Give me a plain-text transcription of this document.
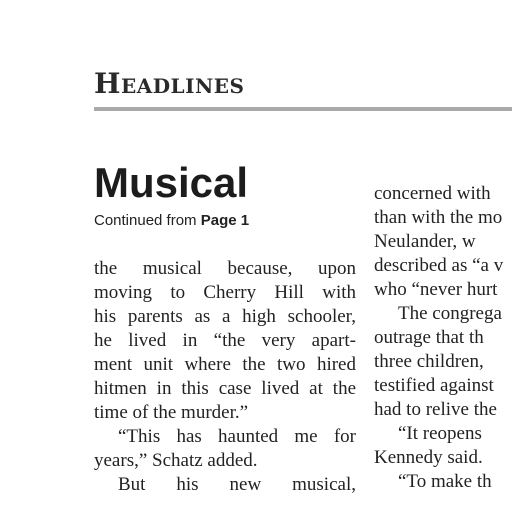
Headlines
Musical
Continued from Page 1
the musical because, upon
moving to Cherry Hill with
his parents as a high schooler,
he lived in “the very apart-
ment unit where the two hired
hitmen in this case lived at the
time of the murder.”
“This has haunted me for
years,” Schatz added.
But his new musical,
concerned with
than with the mo
Neulander, w
described as “a v
who “never hurt
The congrega
outrage that th
three children,
testified against
had to relive the
“It reopens
Kennedy said.
“To make th
